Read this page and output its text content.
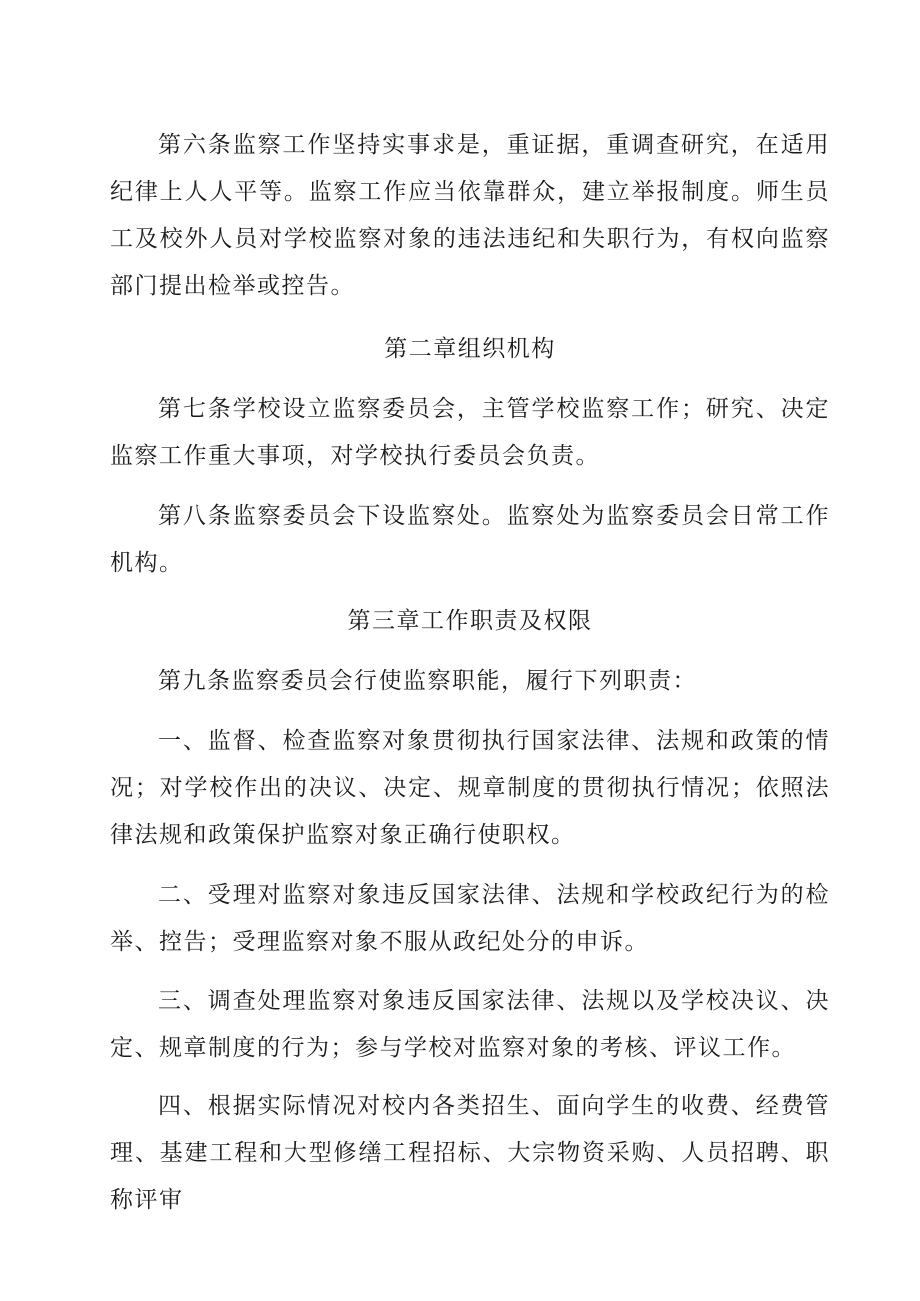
第六条监察工作坚持实事求是，重证据，重调查研究，在适用纪律上人人平等。监察工作应当依靠群众，建立举报制度。师生员工及校外人员对学校监察对象的违法违纪和失职行为，有权向监察部门提出检举或控告。

第二章组织机构

第七条学校设立监察委员会，主管学校监察工作；研究、决定监察工作重大事项，对学校执行委员会负责。

第八条监察委员会下设监察处。监察处为监察委员会日常工作机构。

第三章工作职责及权限

第九条监察委员会行使监察职能，履行下列职责：

一、监督、检查监察对象贯彻执行国家法律、法规和政策的情况；对学校作出的决议、决定、规章制度的贯彻执行情况；依照法律法规和政策保护监察对象正确行使职权。

二、受理对监察对象违反国家法律、法规和学校政纪行为的检举、控告；受理监察对象不服从政纪处分的申诉。

三、调查处理监察对象违反国家法律、法规以及学校决议、决定、规章制度的行为；参与学校对监察对象的考核、评议工作。

四、根据实际情况对校内各类招生、面向学生的收费、经费管理、基建工程和大型修缮工程招标、大宗物资采购、人员招聘、职称评审
